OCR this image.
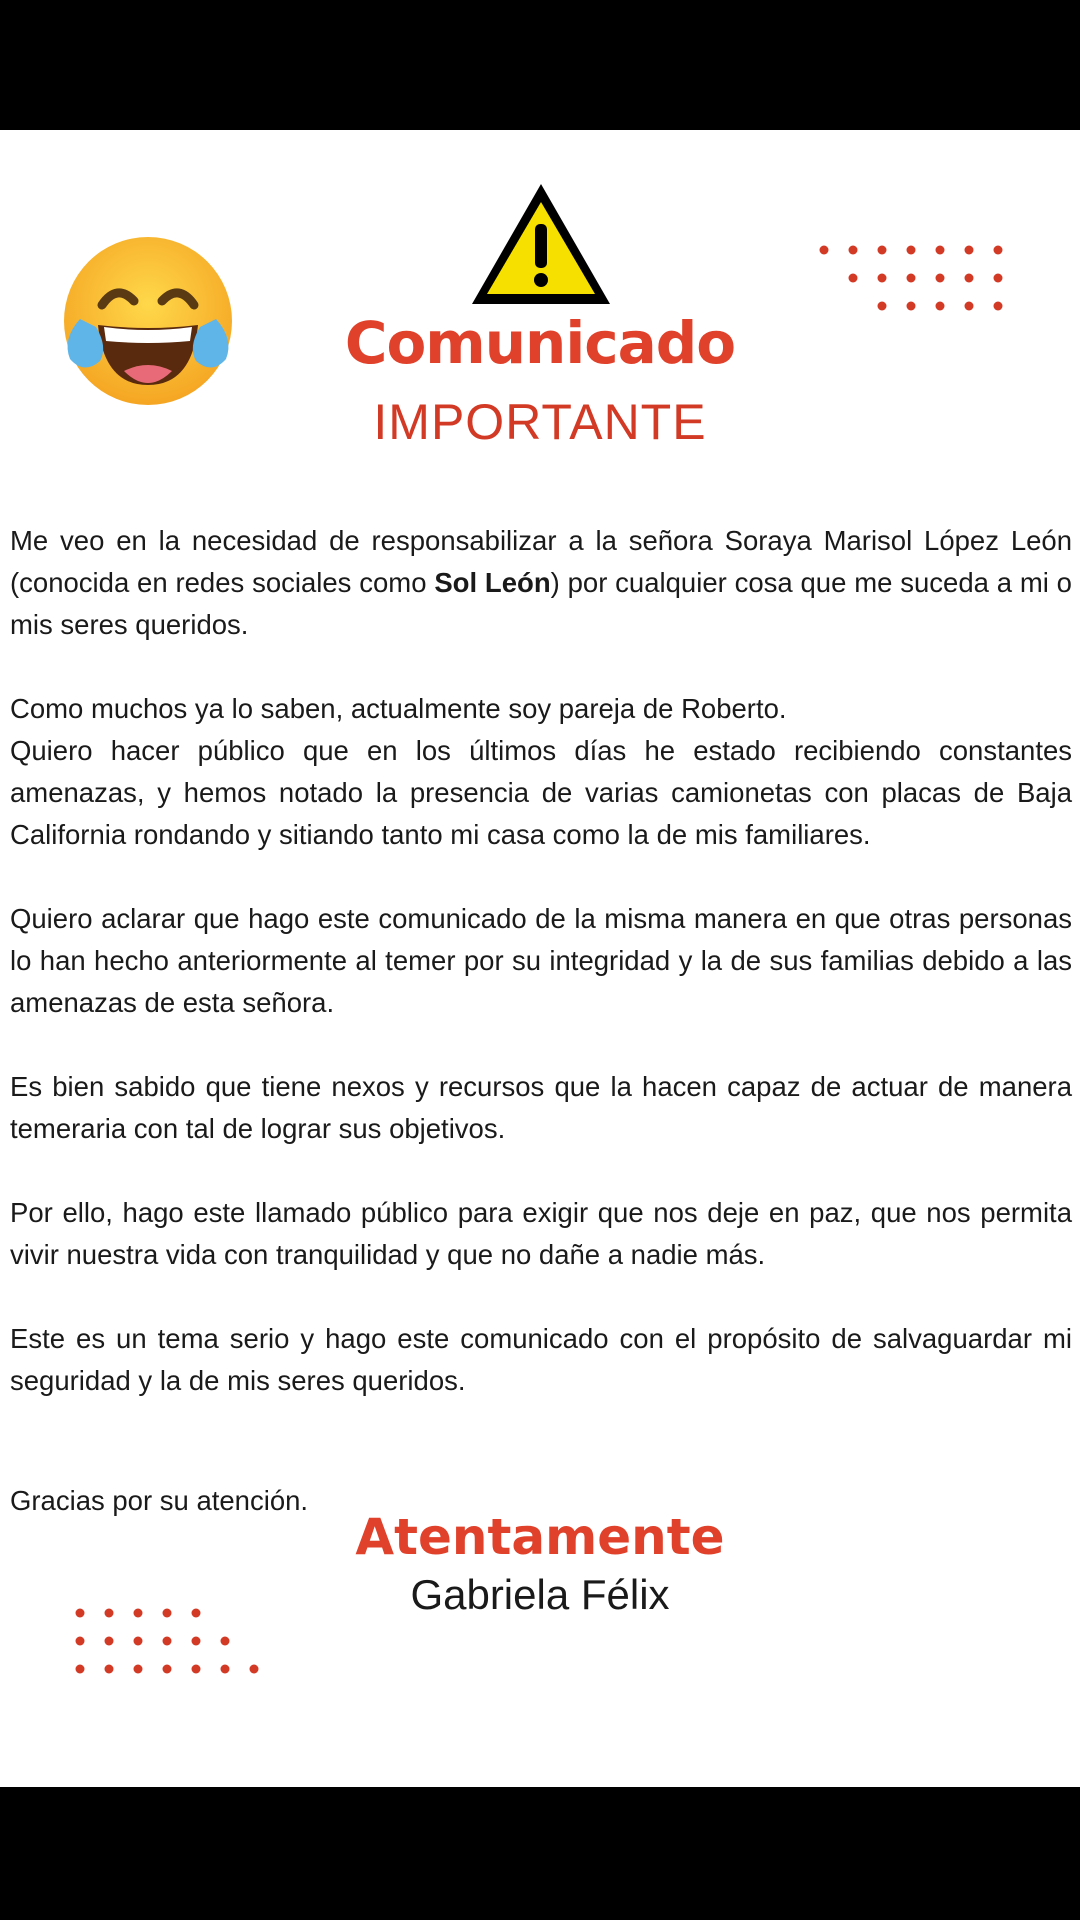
Comunicado
IMPORTANTE

Me veo en la necesidad de responsabilizar a la señora Soraya Marisol López León (conocida en redes sociales como Sol León) por cualquier cosa que me suceda a mi o mis seres queridos.

Como muchos ya lo saben, actualmente soy pareja de Roberto.

Quiero hacer público que en los últimos días he estado recibiendo constantes amenazas, y hemos notado la presencia de varias camionetas con placas de Baja California rondando y sitiando tanto mi casa como la de mis familiares.

Quiero aclarar que hago este comunicado de la misma manera en que otras personas lo han hecho anteriormente al temer por su integridad y la de sus familias debido a las amenazas de esta señora.

Es bien sabido que tiene nexos y recursos que la hacen capaz de actuar de manera temeraria con tal de lograr sus objetivos.

Por ello, hago este llamado público para exigir que nos deje en paz, que nos permita vivir nuestra vida con tranquilidad y que no dañe a nadie más.

Este es un tema serio y hago este comunicado con el propósito de salvaguardar mi seguridad y la de mis seres queridos.

Gracias por su atención.
Atentamente
Gabriela Félix
